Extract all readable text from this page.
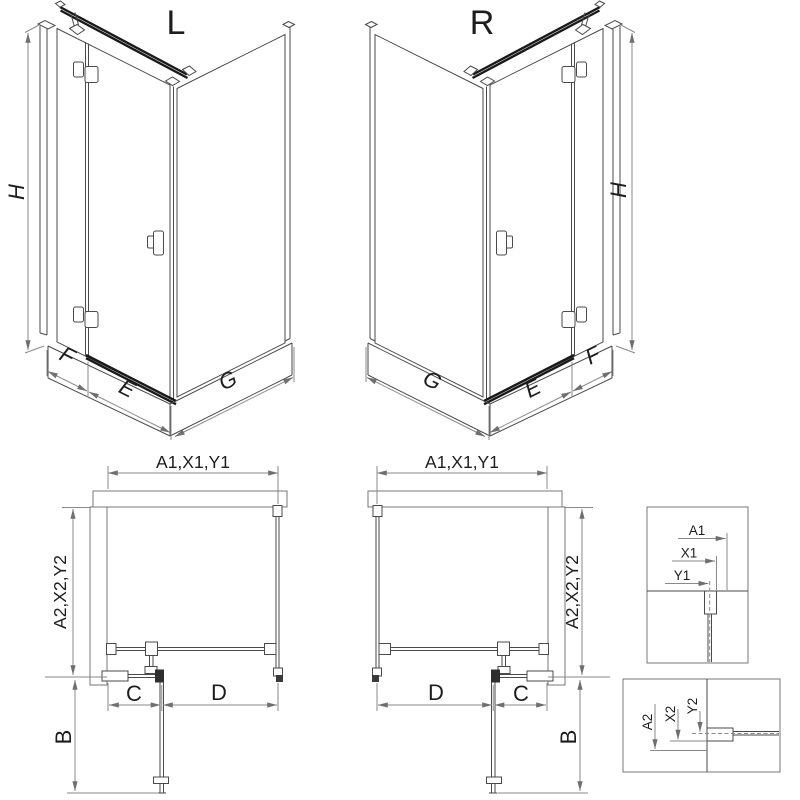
L	R
H	H
F
E	G
F
E
G
A1,X1,Y1	A1,X1,Y1
A2,X2,Y2	A2,X2,Y2
B	B
C	D	C
D
A1
X1
Y1
A2 X2 Y2
